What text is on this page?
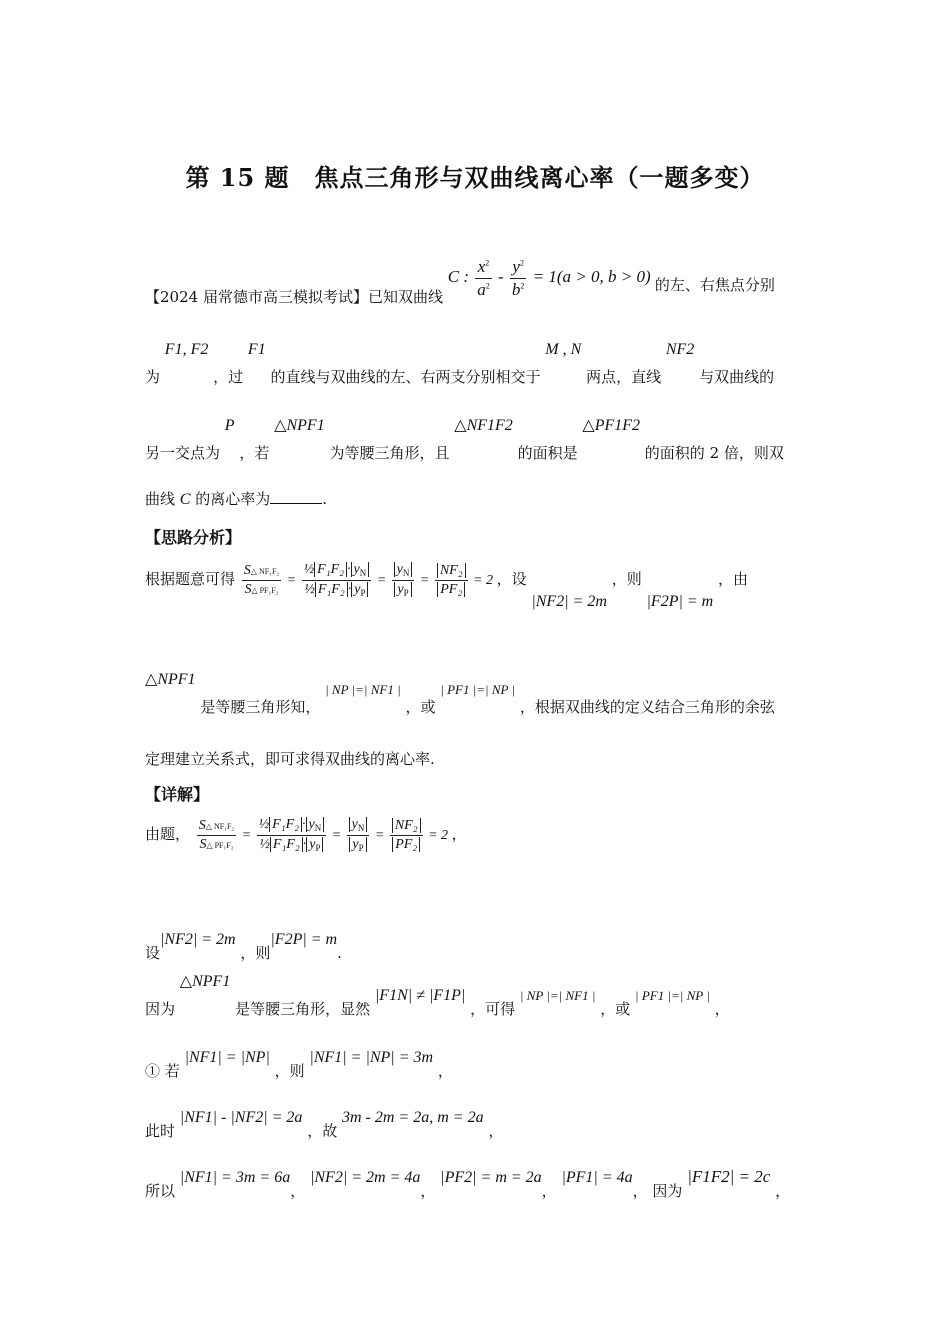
第 15 题　焦点三角形与双曲线离心率（一题多变）
【2024 届常德市高三模拟考试】已知双曲线 C : $\frac{x^2}{a^2} - \frac{y^2}{b^2} = 1(a > 0$, b > 0) 的左、右焦点分别
为 F1, F2 ，过 F1 的直线与双曲线的左、右两支分别相交于 M , N 两点，直线 NF2 与双曲线的
另一交点为 P ，若 △NPF1 为等腰三角形，且 △NF1F2 的面积是 △PF1F2 的面积的 2 倍，则双
曲线 C 的离心率为	.
【思路分析】
根据题意可得 $\frac{\text{S△ NF₁F₂}}{\text{S△ PF₁F₂}} = \frac{\frac{1}{2} F_1F_2 \cdot y_N}{\frac{1}{2} F_1F_2 \cdot y_P} = \frac{y_N}{y_P} = \frac{\text{NF₂}}{\text{PF₂}} = 2$ ，设 |NF2| = 2m ，则 |F2P| = m ，由
△NPF1 是等腰三角形知， | NP |=| NF1 | ，或 | PF1 |=| NP | ，根据双曲线的定义结合三角形的余弦
定理建立关系式，即可求得双曲线的离心率.
【详解】
由题， $\frac{\text{S△ NF₁F₂}}{\text{S△ PF₁F₂}} = \frac{\frac{1}{2} F_1F_2 \cdot y_N}{\frac{1}{2} F_1F_2 \cdot y_P} = \frac{y_N}{y_P} = \frac{\text{NF₂}}{\text{PF₂}} = 2$ ，
设|NF2| = 2m ，则|F2P| = m.
因为 △NPF1 是等腰三角形，显然 |F1N| ≠ |F1P| ，可得 | NP |=| NF1 | ，或 | PF1 |=| NP | ，
① 若 |NF1| = |NP| ，则 |NF1| = |NP| = 3m ，
此时 |NF1| - |NF2| = 2a ，故 3m - 2m = 2a, m = 2a ，
所以 |NF1| = 3m = 6a， |NF2| = 2m = 4a， |PF2| = m = 2a， |PF1| = 4a， 因为 |F1F2| = 2c ，
